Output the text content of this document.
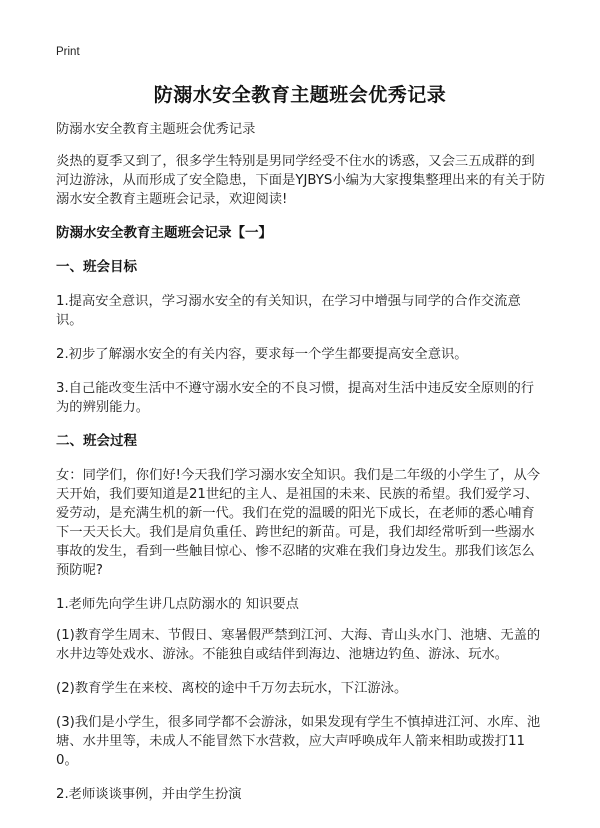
Print
防溺水安全教育主题班会优秀记录
防溺水安全教育主题班会优秀记录
炎热的夏季又到了，很多学生特别是男同学经受不住水的诱惑，又会三五成群的到河边游泳，从而形成了安全隐患，下面是YJBYS小编为大家搜集整理出来的有关于防溺水安全教育主题班会记录，欢迎阅读!
防溺水安全教育主题班会记录【一】
一、班会目标
1.提高安全意识，学习溺水安全的有关知识，在学习中增强与同学的合作交流意识。
2.初步了解溺水安全的有关内容，要求每一个学生都要提高安全意识。
3.自己能改变生活中不遵守溺水安全的不良习惯，提高对生活中违反安全原则的行为的辨别能力。
二、班会过程
女：同学们，你们好!今天我们学习溺水安全知识。我们是二年级的小学生了，从今天开始，我们要知道是21世纪的主人、是祖国的未来、民族的希望。我们爱学习、爱劳动，是充满生机的新一代。我们在党的温暖的阳光下成长，在老师的悉心哺育下一天天长大。我们是肩负重任、跨世纪的新苗。可是，我们却经常听到一些溺水事故的发生，看到一些触目惊心、惨不忍睹的灾难在我们身边发生。那我们该怎么预防呢?
1.老师先向学生讲几点防溺水的 知识要点
(1)教育学生周末、节假日、寒暑假严禁到江河、大海、青山头水门、池塘、无盖的水井边等处戏水、游泳。不能独自或结伴到海边、池塘边钓鱼、游泳、玩水。
(2)教育学生在来校、离校的途中千万勿去玩水，下江游泳。
(3)我们是小学生，很多同学都不会游泳，如果发现有学生不慎掉进江河、水库、池塘、水井里等，未成人不能冒然下水营救，应大声呼唤成年人箭来相助或拨打110。
2.老师谈谈事例，并由学生扮演
